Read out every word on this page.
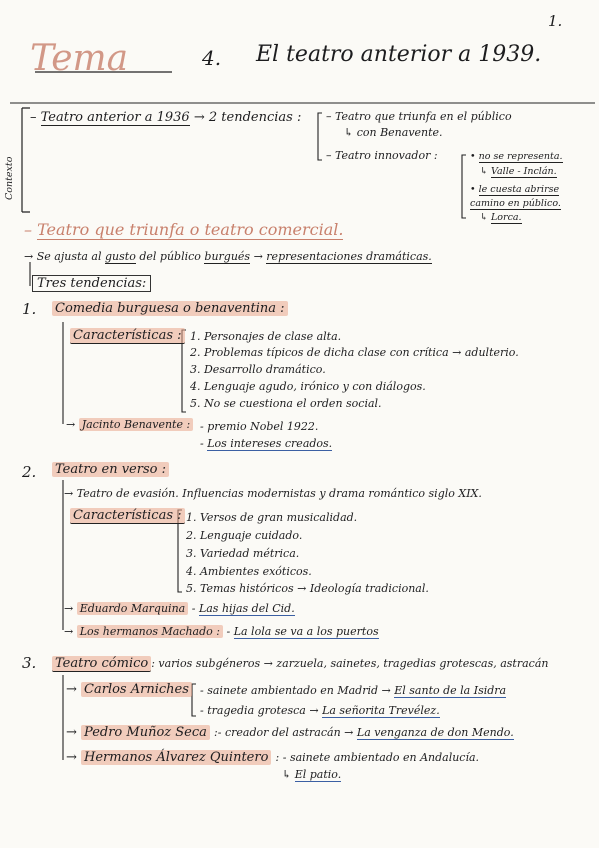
1.
Tema	4. El teatro anterior a 1939.
Contexto
– Teatro anterior a 1936 → 2 tendencias : – Teatro que triunfa en el público
↳ con Benavente.
– Teatro innovador :	• no se representa.
↳ Valle - Inclán.
• le cuesta abrirse
camino en público.
↳ Lorca.
– Teatro que triunfa o teatro comercial.
→ Se ajusta al gusto del público burgués → representaciones dramáticas.
Tres tendencias:
1. Comedia burguesa o benaventina :
Características : 1. Personajes de clase alta.
2. Problemas típicos de dicha clase con crítica → adulterio.
3. Desarrollo dramático.
4. Lenguaje agudo, irónico y con diálogos.
5. No se cuestiona el orden social.
→ Jacinto Benavente : - premio Nobel 1922.
- Los intereses creados.
2. Teatro en verso :
→ Teatro de evasión. Influencias modernistas y drama romántico siglo XIX.
Características : 1. Versos de gran musicalidad.
2. Lenguaje cuidado.
3. Variedad métrica.
4. Ambientes exóticos.
5. Temas históricos → Ideología tradicional.
→ Eduardo Marquina - Las hijas del Cid.
→ Los hermanos Machado : - La lola se va a los puertos
3. Teatro cómico : varios subgéneros → zarzuela, sainetes, tragedias grotescas, astracán
→ Carlos Arniches - sainete ambientado en Madrid → El santo de la Isidra
- tragedia grotesca → La señorita Trevélez.
→ Pedro Muñoz Seca :- creador del astracán → La venganza de don Mendo.
→ Hermanos Álvarez Quintero : - sainete ambientado en Andalucía.
↳ El patio.
